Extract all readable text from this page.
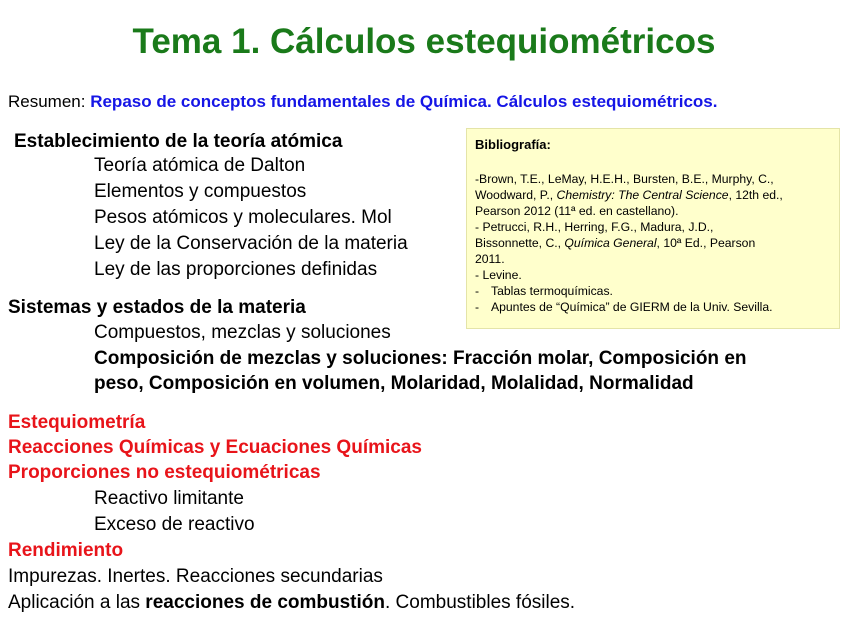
Tema 1. Cálculos estequiométricos
Resumen: Repaso de conceptos fundamentales de Química. Cálculos estequiométricos.
Establecimiento de la teoría atómica
Teoría atómica de Dalton
Elementos y compuestos
Pesos atómicos y moleculares. Mol
Ley de la Conservación de la materia
Ley de las proporciones definidas
Sistemas y estados de la materia
Compuestos, mezclas y soluciones
Composición de mezclas y soluciones: Fracción molar, Composición en
peso, Composición en volumen, Molaridad, Molalidad, Normalidad
Estequiometría
Reacciones Químicas y Ecuaciones Químicas
Proporciones no estequiométricas
Reactivo limitante
Exceso de reactivo
Rendimiento
Impurezas. Inertes. Reacciones secundarias
Aplicación a las reacciones de combustión. Combustibles fósiles.
Bibliografía:
-Brown, T.E., LeMay, H.E.H., Bursten, B.E., Murphy, C.,
Woodward, P., Chemistry: The Central Science, 12th ed.,
Pearson 2012 (11ª ed. en castellano).
- Petrucci, R.H., Herring, F.G., Madura, J.D.,
Bissonnette, C., Química General, 10ª Ed., Pearson
2011.
- Levine.
- Tablas termoquímicas.
- Apuntes de “Química” de GIERM de la Univ. Sevilla.
